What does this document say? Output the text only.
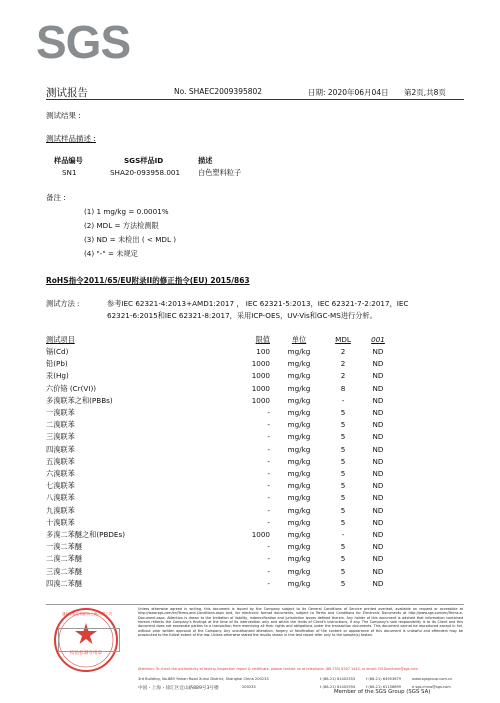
SGS
测试报告	No. SHAEC2009395802	日期: 2020年06月04日 第2页,共8页
测试结果 :
测试样品描述 :
样品编号	SGS样品ID	描述
SN1	SHA20-093958.001 白色塑料粒子
备注 :
(1) 1 mg/kg = 0.0001%
(2) MDL = 方法检测限
(3) ND = 未检出 ( < MDL )
(4) "-" = 未规定
RoHS指令2011/65/EU附录II的修正指令(EU) 2015/863
测试方法 :	参考IEC 62321-4:2013+AMD1:2017 ， IEC 62321-5:2013，IEC 62321-7-2:2017，IEC
62321-6:2015和IEC 62321-8:2017，采用ICP-OES，UV-Vis和GC-MS进行分析。
测试项目	限值	单位	MDL	001
镉(Cd)	100	mg/kg	2	ND
铅(Pb)	1000	mg/kg	2	ND
汞(Hg)	1000	mg/kg	2	ND
六价铬 (Cr(VI))	1000	mg/kg	8	ND
多溴联苯之和(PBBs)	1000	mg/kg	-	ND
一溴联苯	-	mg/kg	5	ND
二溴联苯	-	mg/kg	5	ND
三溴联苯	-	mg/kg	5	ND
四溴联苯	-	mg/kg	5	ND
五溴联苯	-	mg/kg	5	ND
六溴联苯	-	mg/kg	5	ND
七溴联苯	-	mg/kg	5	ND
八溴联苯	-	mg/kg	5	ND
九溴联苯	-	mg/kg	5	ND
十溴联苯	-	mg/kg	5	ND
多溴二苯醚之和(PBDEs)	1000	mg/kg	-	ND
一溴二苯醚	-	mg/kg	5	ND
二溴二苯醚	-	mg/kg	5	ND
三溴二苯醚	-	mg/kg	5	ND
四溴二苯醚	-	mg/kg	5	ND
检验检测专用章
通标标准技术服务(上海)有限公司
Unless otherwise agreed in writing, this document is issued by the Company subject to its General Conditions of Service printed overleaf, available on request or accessible at http://www.sgs.com/en/Terms-and-Conditions.aspx and, for electronic format documents, subject to Terms and Conditions for Electronic Documents at http://www.sgs.com/en/Terms-e-Document.aspx. Attention is drawn to the limitation of liability, indemnification and jurisdiction issues defined therein. Any holder of this document is advised that information contained hereon reflects the Company's findings at the time of its intervention only and within the limits of Client's instructions, if any. The Company's sole responsibility is to its Client and this document does not exonerate parties to a transaction from exercising all their rights and obligations under the transaction documents. This document cannot be reproduced except in full, without prior written approval of the Company. Any unauthorized alteration, forgery or falsification of the content or appearance of this document is unlawful and offenders may be prosecuted to the fullest extent of the law. Unless otherwise stated the results shown in this test report refer only to the sample(s) tested.
Attention: To check the authenticity of testing /inspection report & certificate, please contact us at telephone: (86-755) 8307 1443, or email: CN.Doccheck@sgs.com
3rd Building, No.889 Yishan Road Xuhui District, Shanghai China 200233	t (86-21) 61402553	f (86-21) 64953679	www.sgsgroup.com.cn
中国・上海・徐汇区宜山路889号3号楼	200233	t (86-21) 61402594	f (86-21) 61156899	e sgs.china@sgs.com
Member of the SGS Group (SGS SA)
